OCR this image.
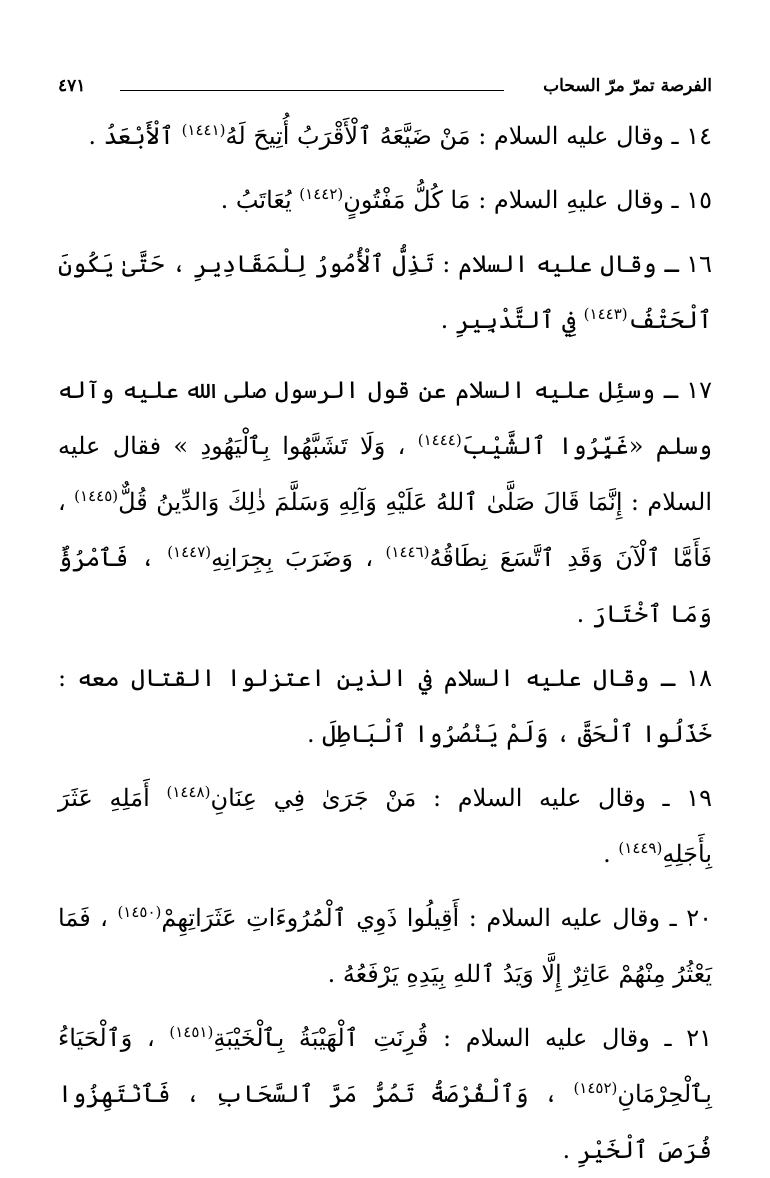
الفرصة تمرّ مرّ السحاب
٤٧١

١٤ ـ وقال عليه السلام : مَنْ ضَيَّعَهُ ٱلْأَقْرَبُ أُتِيحَ لَهُ$^{(١٤٤١)}$ ٱلْأَبْعَدُ .

١٥ ـ وقال عليهِ السلام : مَا كُلُّ مَفْتُونٍ$^{(١٤٤٢)}$ يُعَاتَبُ .

١٦ ـ وقال عليه السلام : تَذِلُّ ٱلْأُمُورُ لِلْمَقَادِيرِ ، حَتَّىٰ يَكُونَ ٱلْحَتْفُ$^{(١٤٤٣)}$ فِي ٱلتَّدْبِيرِ .

١٧ ـ وسئِل عليه السلام عن قول الرسول صلى الله عليه وآله وسلم «غَيِّرُوا ٱلشَّيْبَ$^{(١٤٤٤)}$ ، وَلَا تَشَبَّهُوا بِٱلْيَهُودِ » فقال عليه السلام : إِنَّمَا قَالَ صَلَّىٰ ٱللهُ عَلَيْهِ وَآلِهِ وَسَلَّمَ ذٰلِكَ وَالدِّينُ قُلٌّ$^{(١٤٤٥)}$ ، فَأَمَّا ٱلْآنَ وَقَدِ ٱتَّسَعَ نِطَاقُهُ$^{(١٤٤٦)}$ ، وَضَرَبَ بِجِرَانِهِ$^{(١٤٤٧)}$ ، فَٱمْرُؤٌ وَمَا ٱخْتَارَ .

١٨ ـ وقال عليه السلام في الذين اعتزلوا القتال معه : خَذَلُوا ٱلْحَقَّ ، وَلَمْ يَنْصُرُوا ٱلْبَاطِلَ .

١٩ ـ وقال عليه السلام : مَنْ جَرَىٰ فِي عِنَانِ$^{(١٤٤٨)}$ أَمَلِهِ عَثَرَ بِأَجَلِهِ$^{(١٤٤٩)}$ .

٢٠ ـ وقال عليه السلام : أَقِيلُوا ذَوِي ٱلْمُرُوءَاتِ عَثَرَاتِهِمْ$^{(١٤٥٠)}$ ، فَمَا يَعْثُرُ مِنْهُمْ عَاثِرٌ إِلَّا وَيَدُ ٱللهِ بِيَدِهِ يَرْفَعُهُ .

٢١ ـ وقال عليه السلام : قُرِنَتِ ٱلْهَيْبَةُ بِٱلْخَيْبَةِ$^{(١٤٥١)}$ ، وَٱلْحَيَاءُ بِٱلْحِرْمَانِ$^{(١٤٥٢)}$ ، وَٱلْفُرْصَةُ تَمُرُّ مَرَّ ٱلسَّحَابِ ، فَٱنْتَهِزُوا فُرَصَ ٱلْخَيْرِ .
